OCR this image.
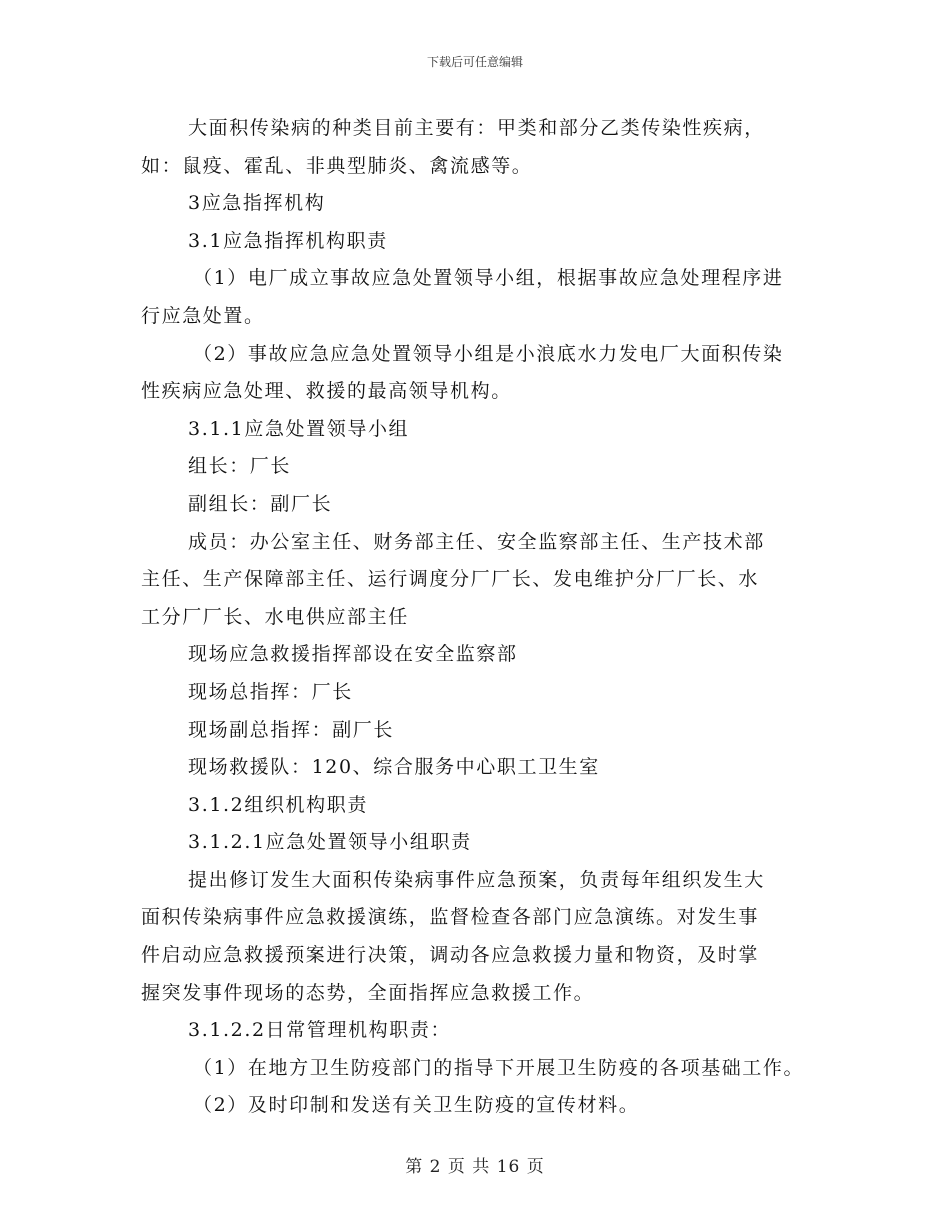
下载后可任意编辑
大面积传染病的种类目前主要有：甲类和部分乙类传染性疾病，
如：鼠疫、霍乱、非典型肺炎、禽流感等。
3应急指挥机构
3.1应急指挥机构职责
（1）电厂成立事故应急处置领导小组，根据事故应急处理程序进
行应急处置。
（2）事故应急应急处置领导小组是小浪底水力发电厂大面积传染
性疾病应急处理、救援的最高领导机构。
3.1.1应急处置领导小组
组长：厂长
副组长：副厂长
成员：办公室主任、财务部主任、安全监察部主任、生产技术部
主任、生产保障部主任、运行调度分厂厂长、发电维护分厂厂长、水
工分厂厂长、水电供应部主任
现场应急救援指挥部设在安全监察部
现场总指挥：厂长
现场副总指挥：副厂长
现场救援队：120、综合服务中心职工卫生室
3.1.2组织机构职责
3.1.2.1应急处置领导小组职责
提出修订发生大面积传染病事件应急预案，负责每年组织发生大
面积传染病事件应急救援演练，监督检查各部门应急演练。对发生事
件启动应急救援预案进行决策，调动各应急救援力量和物资，及时掌
握突发事件现场的态势，全面指挥应急救援工作。
3.1.2.2日常管理机构职责：
（1）在地方卫生防疫部门的指导下开展卫生防疫的各项基础工作。
（2）及时印制和发送有关卫生防疫的宣传材料。
第 2 页 共 16 页
